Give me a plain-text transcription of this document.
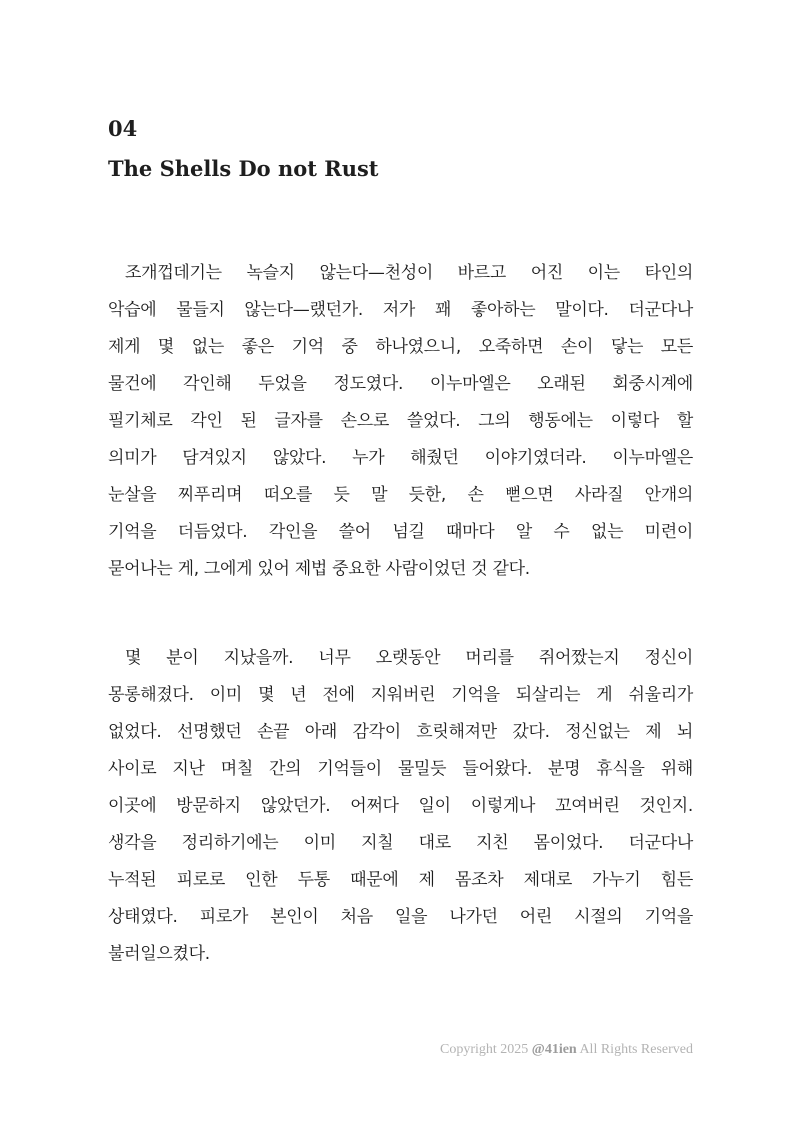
04
The Shells Do not Rust
조개껍데기는 녹슬지 않는다—천성이 바르고 어진 이는 타인의
악습에 물들지 않는다—랬던가. 저가 꽤 좋아하는 말이다. 더군다나
제게 몇 없는 좋은 기억 중 하나였으니, 오죽하면 손이 닿는 모든
물건에 각인해 두었을 정도였다. 이누마엘은 오래된 회중시계에
필기체로 각인 된 글자를 손으로 쓸었다. 그의 행동에는 이렇다 할
의미가 담겨있지 않았다. 누가 해줬던 이야기였더라. 이누마엘은
눈살을 찌푸리며 떠오를 듯 말 듯한, 손 뻗으면 사라질 안개의
기억을 더듬었다. 각인을 쓸어 넘길 때마다 알 수 없는 미련이
묻어나는 게, 그에게 있어 제법 중요한 사람이었던 것 같다.
몇 분이 지났을까. 너무 오랫동안 머리를 쥐어짰는지 정신이
몽롱해졌다. 이미 몇 년 전에 지워버린 기억을 되살리는 게 쉬울리가
없었다. 선명했던 손끝 아래 감각이 흐릿해져만 갔다. 정신없는 제 뇌
사이로 지난 며칠 간의 기억들이 물밀듯 들어왔다. 분명 휴식을 위해
이곳에 방문하지 않았던가. 어쩌다 일이 이렇게나 꼬여버린 것인지.
생각을 정리하기에는 이미 지칠 대로 지친 몸이었다. 더군다나
누적된 피로로 인한 두통 때문에 제 몸조차 제대로 가누기 힘든
상태였다. 피로가 본인이 처음 일을 나가던 어린 시절의 기억을
불러일으켰다.

Copyright 2025 @41ien All Rights Reserved
